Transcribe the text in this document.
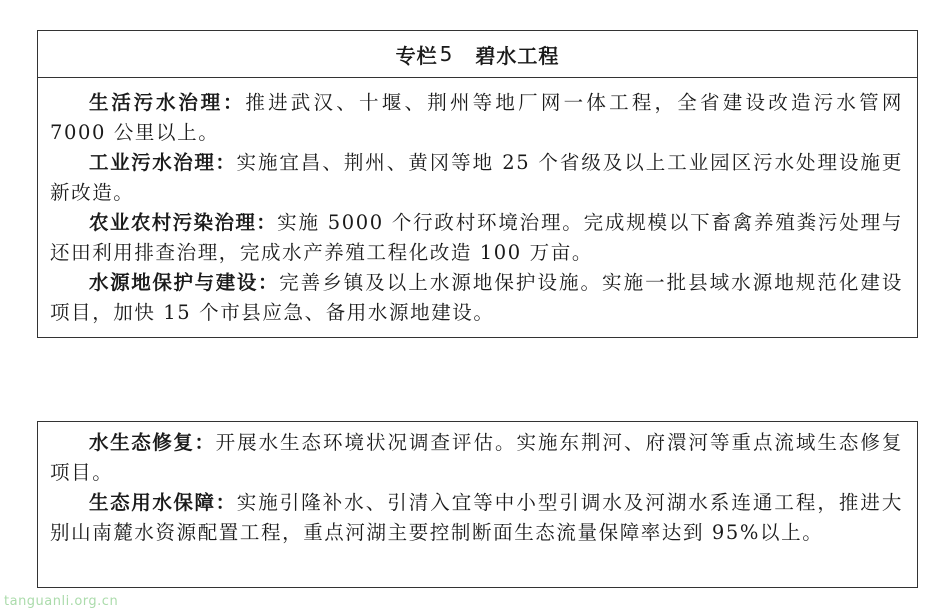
专栏 5 碧水工程

生活污水治理：推进武汉、十堰、荆州等地厂网一体工程，全省建设改造污水管网 7000 公里以上。

工业污水治理：实施宜昌、荆州、黄冈等地 25 个省级及以上工业园区污水处理设施更新改造。

农业农村污染治理：实施 5000 个行政村环境治理。完成规模以下畜禽养殖粪污处理与还田利用排查治理，完成水产养殖工程化改造 100 万亩。

水源地保护与建设：完善乡镇及以上水源地保护设施。实施一批县域水源地规范化建设项目，加快 15 个市县应急、备用水源地建设。

水生态修复：开展水生态环境状况调查评估。实施东荆河、府澴河等重点流域生态修复项目。

生态用水保障：实施引隆补水、引清入宜等中小型引调水及河湖水系连通工程，推进大别山南麓水资源配置工程，重点河湖主要控制断面生态流量保障率达到 95%以上。

tanguanli.org.cn
